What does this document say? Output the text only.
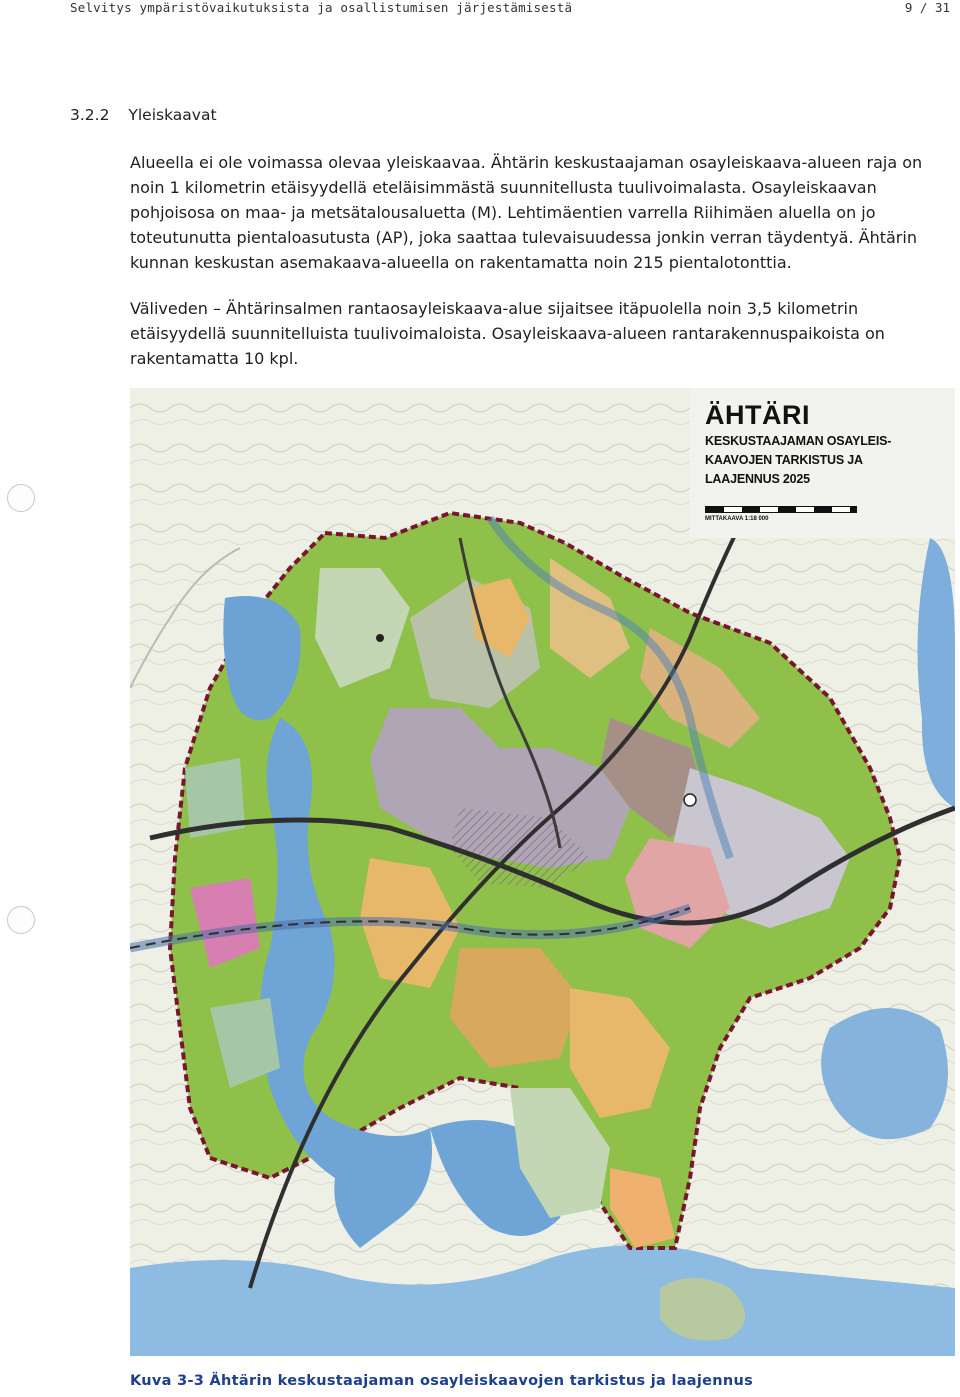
Selvitys ympäristövaikutuksista ja osallistumisen järjestämisestä	9 / 31
3.2.2 Yleiskaavat

Alueella ei ole voimassa olevaa yleiskaavaa. Ähtärin keskustaajaman osayleiskaava-alueen raja on noin 1 kilometrin etäisyydellä eteläisimmästä suunnitellusta tuulivoimalasta. Osayleiskaavan pohjoisosa on maa- ja metsätalousaluetta (M). Lehtimäentien varrella Riihimäen aluella on jo toteutunutta pientaloasutusta (AP), joka saattaa tulevaisuudessa jonkin verran täydentyä. Ähtärin kunnan keskustan asemakaava-alueella on rakentamatta noin 215 pientalotonttia.

Väliveden – Ähtärinsalmen rantaosayleiskaava-alue sijaitsee itäpuolella noin 3,5 kilometrin etäisyydellä suunnitelluista tuulivoimaloista. Osayleiskaava-alueen rantarakennuspaikoista on rakentamatta 10 kpl.

ÄHTÄRI
KESKUSTAAJAMAN OSAYLEIS-
KAAVOJEN TARKISTUS JA
LAAJENNUS 2025
MITTAKAAVA 1:18 000
Kuva 3-3 Ähtärin keskustaajaman osayleiskaavojen tarkistus ja laajennus
